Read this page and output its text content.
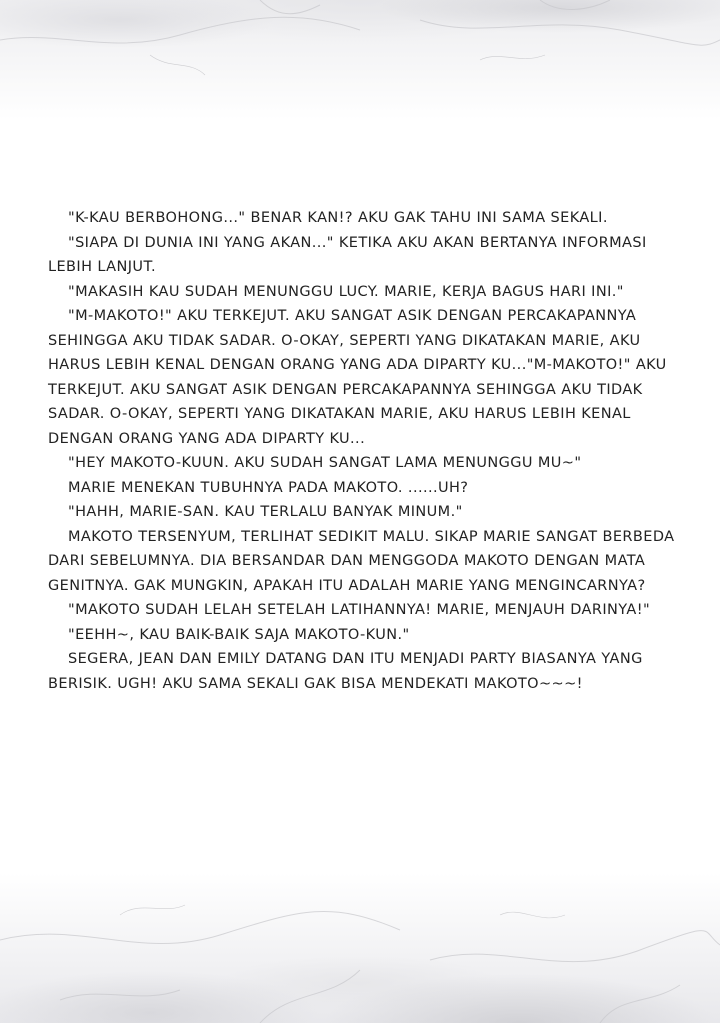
"K-KAU BERBOHONG..." BENAR KAN!? AKU GAK TAHU INI SAMA SEKALI.

"SIAPA DI DUNIA INI YANG AKAN..." KETIKA AKU AKAN BERTANYA INFORMASI LEBIH LANJUT.

"MAKASIH KAU SUDAH MENUNGGU LUCY. MARIE, KERJA BAGUS HARI INI."

"M-MAKOTO!" AKU TERKEJUT. AKU SANGAT ASIK DENGAN PERCAKAPANNYA SEHINGGA AKU TIDAK SADAR. O-OKAY, SEPERTI YANG DIKATAKAN MARIE, AKU HARUS LEBIH KENAL DENGAN ORANG YANG ADA DIPARTY KU..."M-MAKOTO!" AKU TERKEJUT. AKU SANGAT ASIK DENGAN PERCAKAPANNYA SEHINGGA AKU TIDAK SADAR. O-OKAY, SEPERTI YANG DIKATAKAN MARIE, AKU HARUS LEBIH KENAL DENGAN ORANG YANG ADA DIPARTY KU...

"HEY MAKOTO-KUUN. AKU SUDAH SANGAT LAMA MENUNGGU MU~"

MARIE MENEKAN TUBUHNYA PADA MAKOTO. ......UH?

"HAHH, MARIE-SAN. KAU TERLALU BANYAK MINUM."

MAKOTO TERSENYUM, TERLIHAT SEDIKIT MALU. SIKAP MARIE SANGAT BERBEDA DARI SEBELUMNYA. DIA BERSANDAR DAN MENGGODA MAKOTO DENGAN MATA GENITNYA. GAK MUNGKIN, APAKAH ITU ADALAH MARIE YANG MENGINCARNYA?

"MAKOTO SUDAH LELAH SETELAH LATIHANNYA! MARIE, MENJAUH DARINYA!"

"EEHH~, KAU BAIK-BAIK SAJA MAKOTO-KUN."

SEGERA, JEAN DAN EMILY DATANG DAN ITU MENJADI PARTY BIASANYA YANG BERISIK. UGH! AKU SAMA SEKALI GAK BISA MENDEKATI MAKOTO~~~!
